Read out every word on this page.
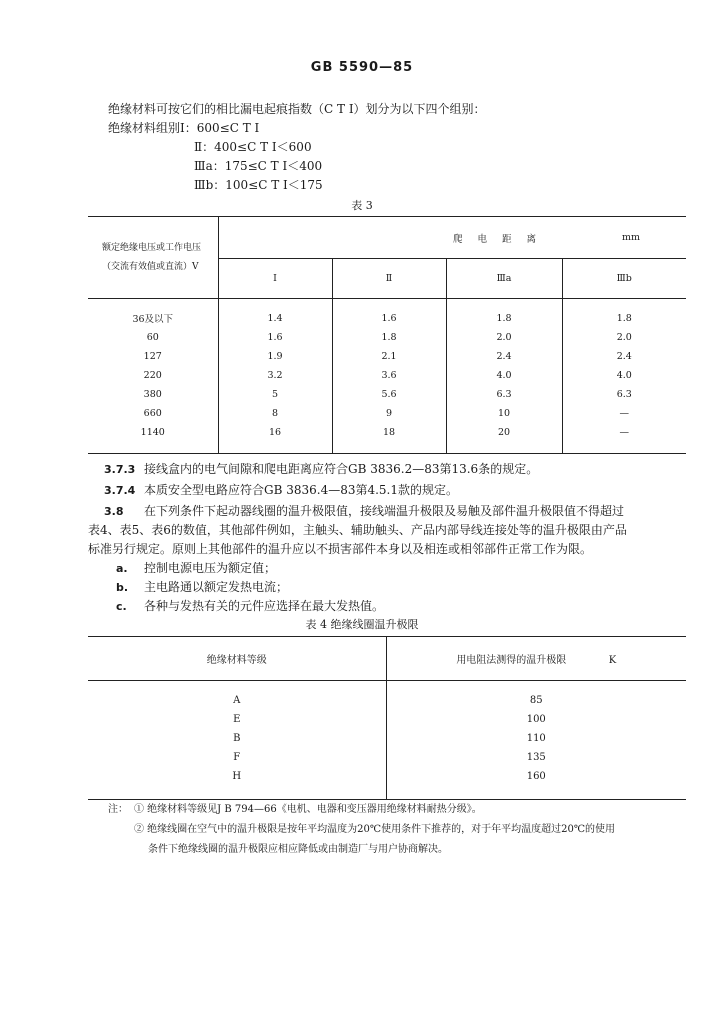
GB 5590—85
绝缘材料可按它们的相比漏电起痕指数（C T I）划分为以下四个组别：
绝缘材料组别Ⅰ：600≤C T I
Ⅱ：400≤C T I＜600
Ⅲa：175≤C T I＜400
Ⅲb：100≤C T I＜175
表 3
额定绝缘电压或工作电压（交流有效值或直流）V	爬 电 距 离			mm
	Ⅰ	Ⅱ	Ⅲa	Ⅲb

36及以下	1.4	1.6	1.8	1.8
60	1.6	1.8	2.0	2.0
127	1.9	2.1	2.4	2.4
220	3.2	3.6	4.0	4.0
380	5	5.6	6.3	6.3
660	8	9	10	—
1140	16	18	20	—

3.7.3 接线盒内的电气间隙和爬电距离应符合GB 3836.2—83第13.6条的规定。
3.7.4 本质安全型电路应符合GB 3836.4—83第4.5.1款的规定。
3.8 在下列条件下起动器线圈的温升极限值，接线端温升极限及易触及部件温升极限值不得超过
表4、表5、表6的数值，其他部件例如，主触头、辅助触头、产品内部导线连接处等的温升极限由产品
标准另行规定。原则上其他部件的温升应以不损害部件本身以及相连或相邻部件正常工作为限。
a. 控制电源电压为额定值；
b. 主电路通以额定发热电流；
c. 各种与发热有关的元件应选择在最大发热值。
表 4 绝缘线圈温升极限
绝缘材料等级	用电阻法测得的温升极限 K

A	85
E	100
B	110
F	135
H	160

注： ① 绝缘材料等级见J B 794—66《电机、电器和变压器用绝缘材料耐热分级》。
② 绝缘线圈在空气中的温升极限是按年平均温度为20℃使用条件下推荐的，对于年平均温度超过20℃的使用
条件下绝缘线圈的温升极限应相应降低或由制造厂与用户协商解决。
